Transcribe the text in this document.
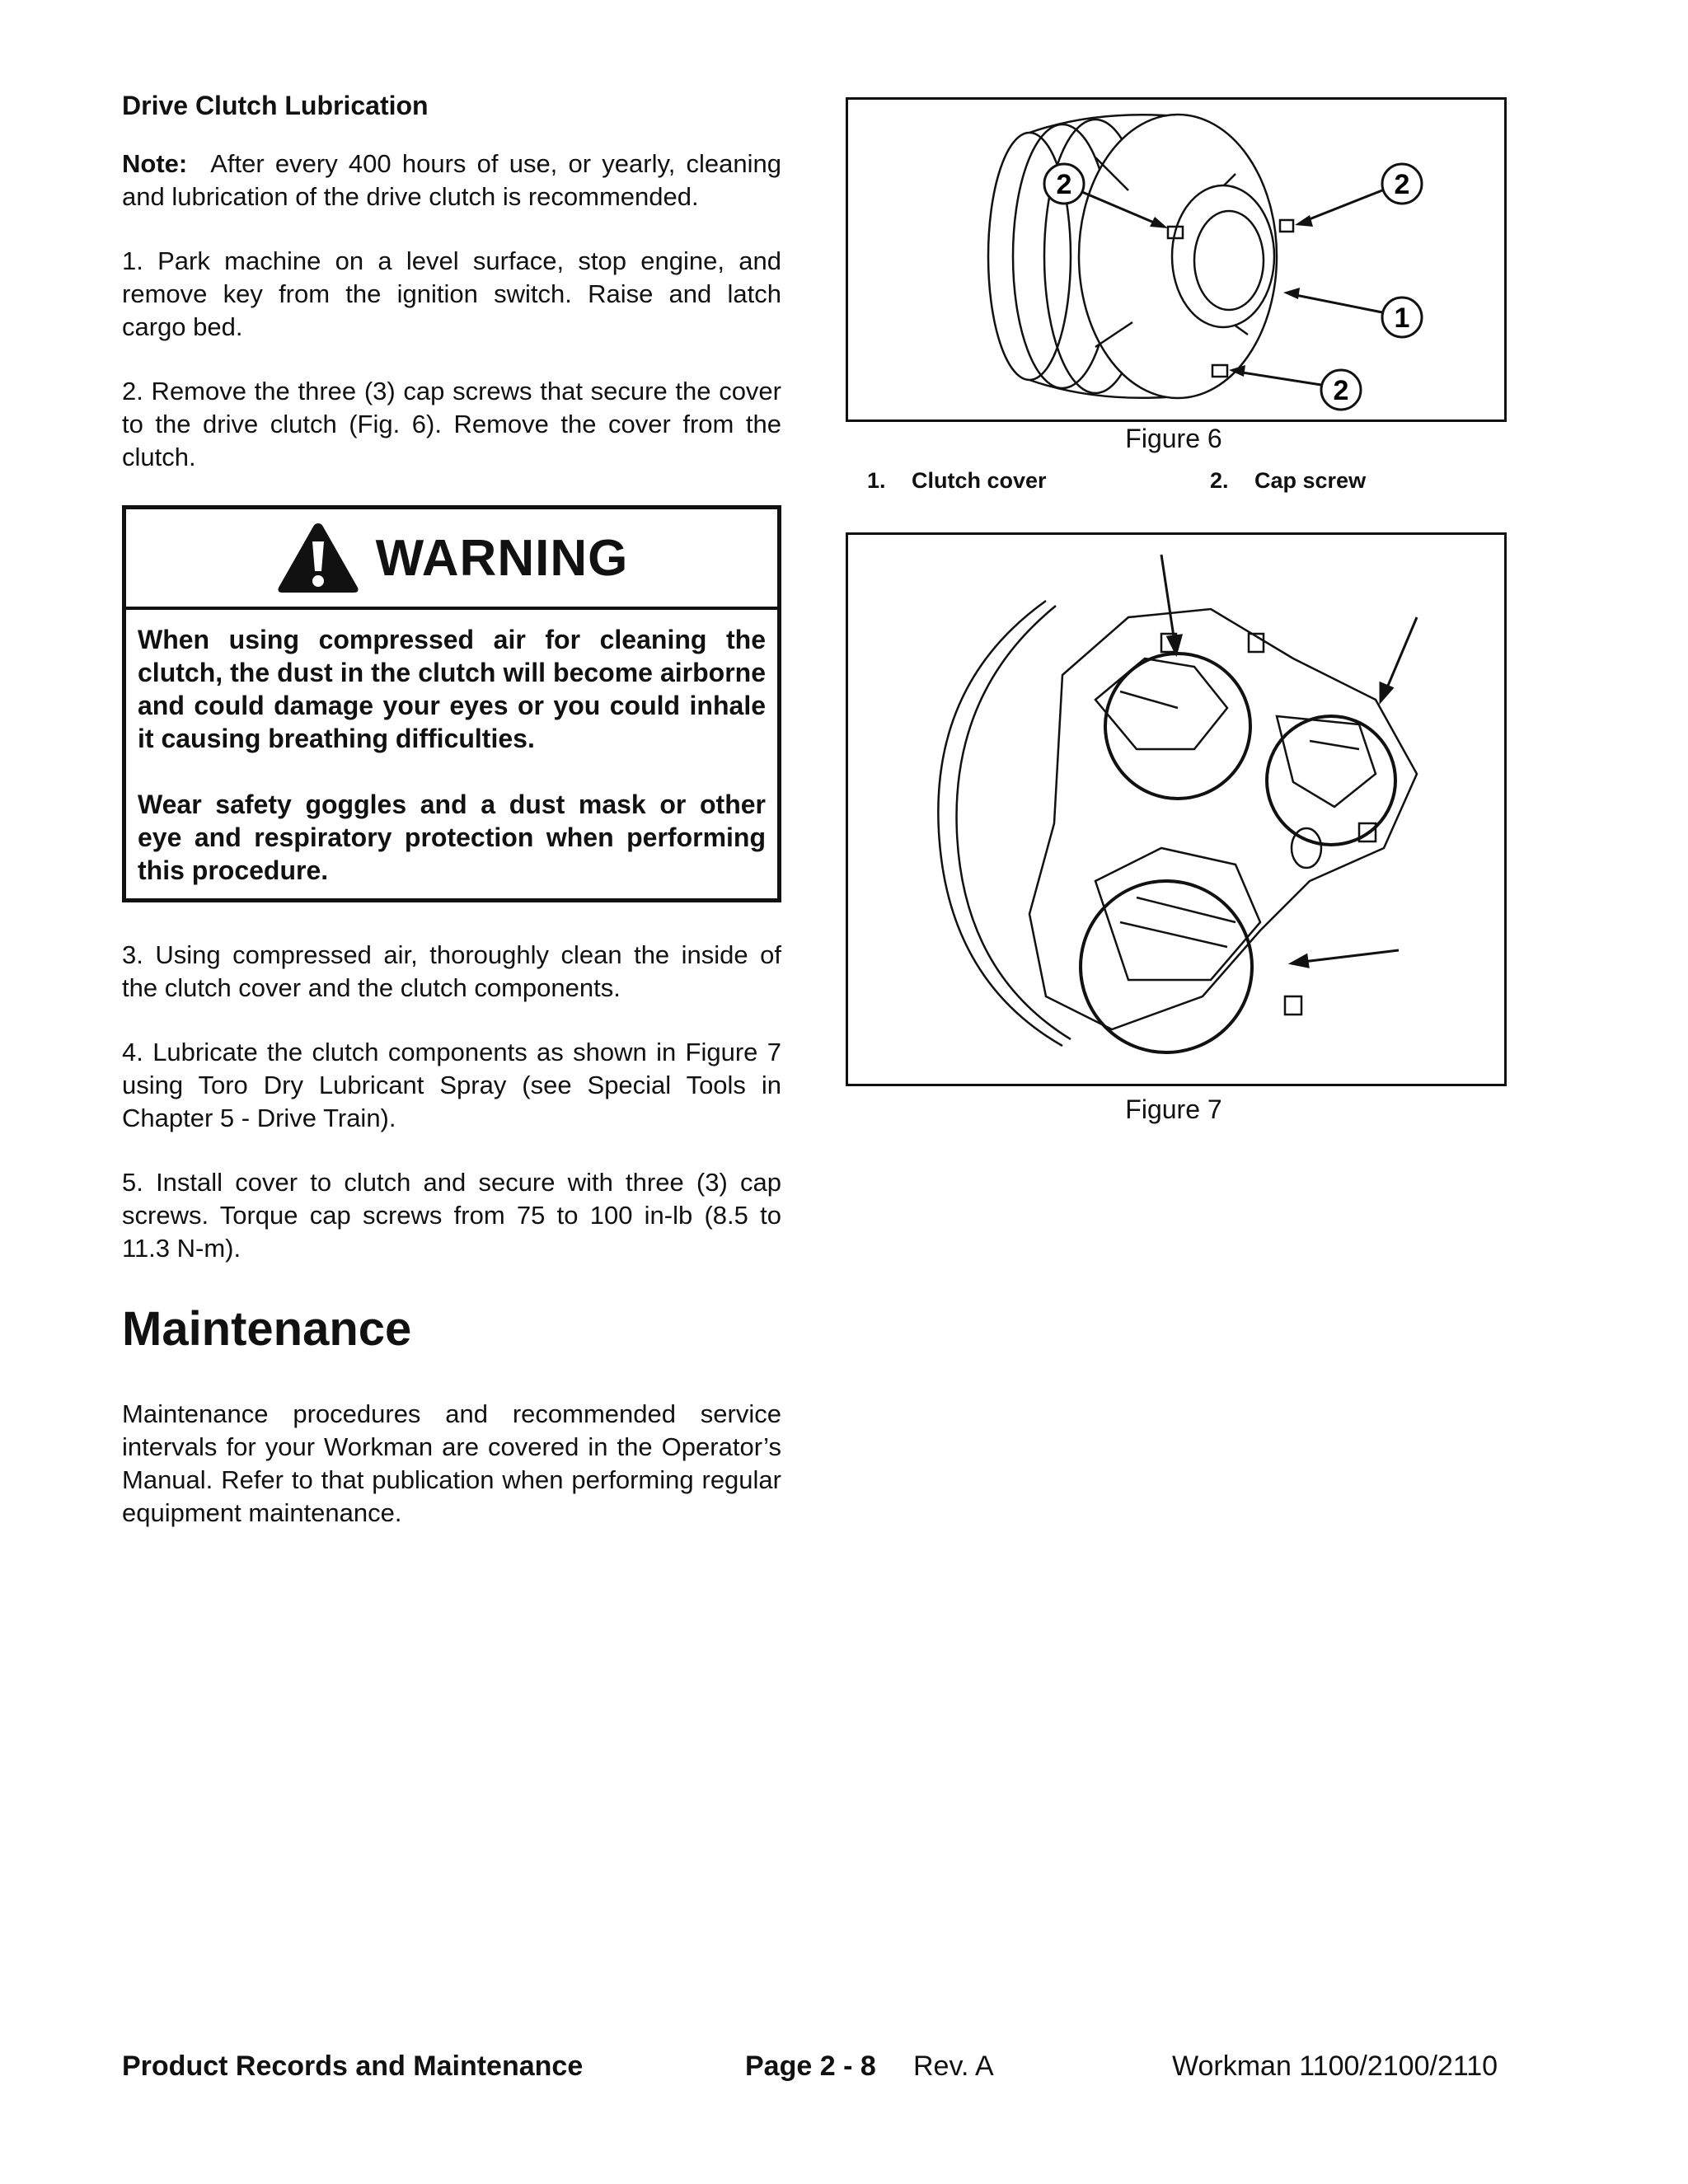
Drive Clutch Lubrication

Note: After every 400 hours of use, or yearly, cleaning and lubrication of the drive clutch is recommended.

1. Park machine on a level surface, stop engine, and remove key from the ignition switch. Raise and latch cargo bed.

2. Remove the three (3) cap screws that secure the cover to the drive clutch (Fig. 6). Remove the cover from the clutch.

WARNING

When using compressed air for cleaning the clutch, the dust in the clutch will become airborne and could damage your eyes or you could inhale it causing breathing difficulties.

Wear safety goggles and a dust mask or other eye and respiratory protection when performing this procedure.

3. Using compressed air, thoroughly clean the inside of the clutch cover and the clutch components.

4. Lubricate the clutch components as shown in Figure 7 using Toro Dry Lubricant Spray (see Special Tools in Chapter 5 - Drive Train).

5. Install cover to clutch and secure with three (3) cap screws. Torque cap screws from 75 to 100 in-lb (8.5 to 11.3 N-m).

Maintenance

Maintenance procedures and recommended service intervals for your Workman are covered in the Operator’s Manual. Refer to that publication when performing regular equipment maintenance.

2	2
1
2
Figure 6
1. Clutch cover	2. Cap screw
Figure 7
Product Records and Maintenance	Page 2 - 8 Rev. A	Workman 1100/2100/2110
